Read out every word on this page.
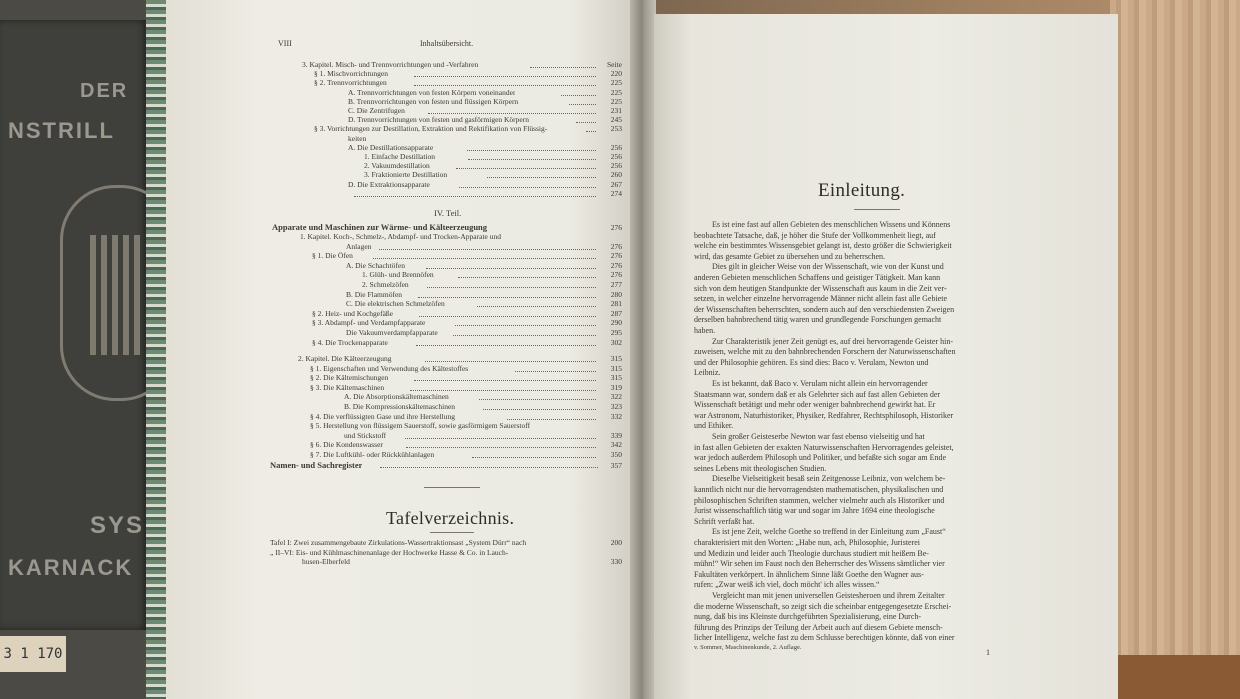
DER
NSTRILL
SYS
KARNACK
3 1 170
VIII	Inhaltsübersicht.
3. Kapitel. Misch- und Trennvorrichtungen und -Verfahren	Seite
§ 1. Mischvorrichtungen	220
§ 2. Trennvorrichtungen	225
A. Trennvorrichtungen von festen Körpern voneinander	225
B. Trennvorrichtungen von festen und flüssigen Körpern	225
C. Die Zentrifugen	231
D. Trennvorrichtungen von festen und gasförmigen Körpern	245
§ 3. Vorrichtungen zur Destillation, Extraktion und Rektifikation von Flüssig-	253
keiten
A. Die Destillationsapparate	256
1. Einfache Destillation	256
2. Vakuumdestillation	256
3. Fraktionierte Destillation	260
D. Die Extraktionsapparate	267
274
IV. Teil.
Apparate und Maschinen zur Wärme- und Kälteerzeugung	276
1. Kapitel. Koch-, Schmelz-, Abdampf- und Trocken-Apparate und
Anlagen	276
§ 1. Die Öfen	276
A. Die Schachtöfen	276
1. Glüh- und Brennöfen	276
2. Schmelzöfen	277
B. Die Flammöfen	280
C. Die elektrischen Schmelzöfen	281
§ 2. Heiz- und Kochgefäße	287
§ 3. Abdampf- und Verdampfapparate	290
Die Vakuumverdampfapparate	295
§ 4. Die Trockenapparate	302
2. Kapitel. Die Kälteerzeugung	315
§ 1. Eigenschaften und Verwendung des Kältestoffes	315
§ 2. Die Kältemischungen	315
§ 3. Die Kältemaschinen	319
A. Die Absorptionskältemaschinen	322
B. Die Kompressionskältemaschinen	323
§ 4. Die verflüssigten Gase und ihre Herstellung	332
§ 5. Herstellung von flüssigem Sauerstoff, sowie gasförmigem Sauerstoff
und Stickstoff	339
§ 6. Die Kondenswasser	342
§ 7. Die Luftkühl- oder Rückkühlanlagen	350
Namen- und Sachregister	357
Tafelverzeichnis.
Tafel I: Zwei zusammengebaute Zirkulations-Wassertraktionsast „System Dürr“ nach	200
„ II–VI: Eis- und Kühlmaschinenanlage der Hochwerke Hasse & Co. in Lauch-
husen-Elberfeld	330
Einleitung.
Es ist eine fast auf allen Gebieten des menschlichen Wissens und Könnens
beobachtete Tatsache, daß, je höher die Stufe der Vollkommenheit liegt, auf
welche ein bestimmtes Wissensgebiet gelangt ist, desto größer die Schwierigkeit
wird, das gesamte Gebiet zu übersehen und zu beherrschen.
Dies gilt in gleicher Weise von der Wissenschaft, wie von der Kunst und
anderen Gebieten menschlichen Schaffens und geistiger Tätigkeit. Man kann
sich von dem heutigen Standpunkte der Wissenschaft aus kaum in die Zeit ver-
setzen, in welcher einzelne hervorragende Männer nicht allein fast alle Gebiete
der Wissenschaften beherrschten, sondern auch auf den verschiedensten Zweigen
derselben bahnbrechend tätig waren und grundlegende Forschungen gemacht
haben.
Zur Charakteristik jener Zeit genügt es, auf drei hervorragende Geister hin-
zuweisen, welche mit zu den bahnbrechenden Forschern der Naturwissenschaften
und der Philosophie gehören. Es sind dies: Baco v. Verulam, Newton und
Leibniz.
Es ist bekannt, daß Baco v. Verulam nicht allein ein hervorragender
Staatsmann war, sondern daß er als Gelehrter sich auf fast allen Gebieten der
Wissenschaft betätigt und mehr oder weniger bahnbrechend gewirkt hat. Er
war Astronom, Naturhistoriker, Physiker, Redfahrer, Rechtsphilosoph, Historiker
und Ethiker.
Sein großer Geisteserbe Newton war fast ebenso vielseitig und hat
in fast allen Gebieten der exakten Naturwissenschaften Hervorragendes geleistet,
war jedoch außerdem Philosoph und Politiker, und befaßte sich sogar am Ende
seines Lebens mit theologischen Studien.
Dieselbe Vielseitigkeit besaß sein Zeitgenosse Leibniz, von welchem be-
kanntlich nicht nur die hervorragendsten mathematischen, physikalischen und
philosophischen Schriften stammen, welcher vielmehr auch als Historiker und
Jurist wissenschaftlich tätig war und sogar im Jahre 1694 eine theologische
Schrift verfaßt hat.
Es ist jene Zeit, welche Goethe so treffend in der Einleitung zum „Faust“
charakterisiert mit den Worten: „Habe nun, ach, Philosophie, Juristerei
und Medizin und leider auch Theologie durchaus studiert mit heißem Be-
mühn!“ Wir sehen im Faust noch den Beherrscher des Wissens sämtlicher vier
Fakultäten verkörpert. In ähnlichem Sinne läßt Goethe den Wagner aus-
rufen: „Zwar weiß ich viel, doch möcht' ich alles wissen.“
Vergleicht man mit jenen universellen Geistesheroen und ihrem Zeitalter
die moderne Wissenschaft, so zeigt sich die scheinbar entgegengesetzte Erschei-
nung, daß bis ins Kleinste durchgeführten Spezialisierung, eine Durch-
führung des Prinzips der Teilung der Arbeit auch auf diesem Gebiete mensch-
licher Intelligenz, welche fast zu dem Schlusse berechtigen könnte, daß von einer
v. Sommer, Maschinenkunde, 2. Auflage.
1
